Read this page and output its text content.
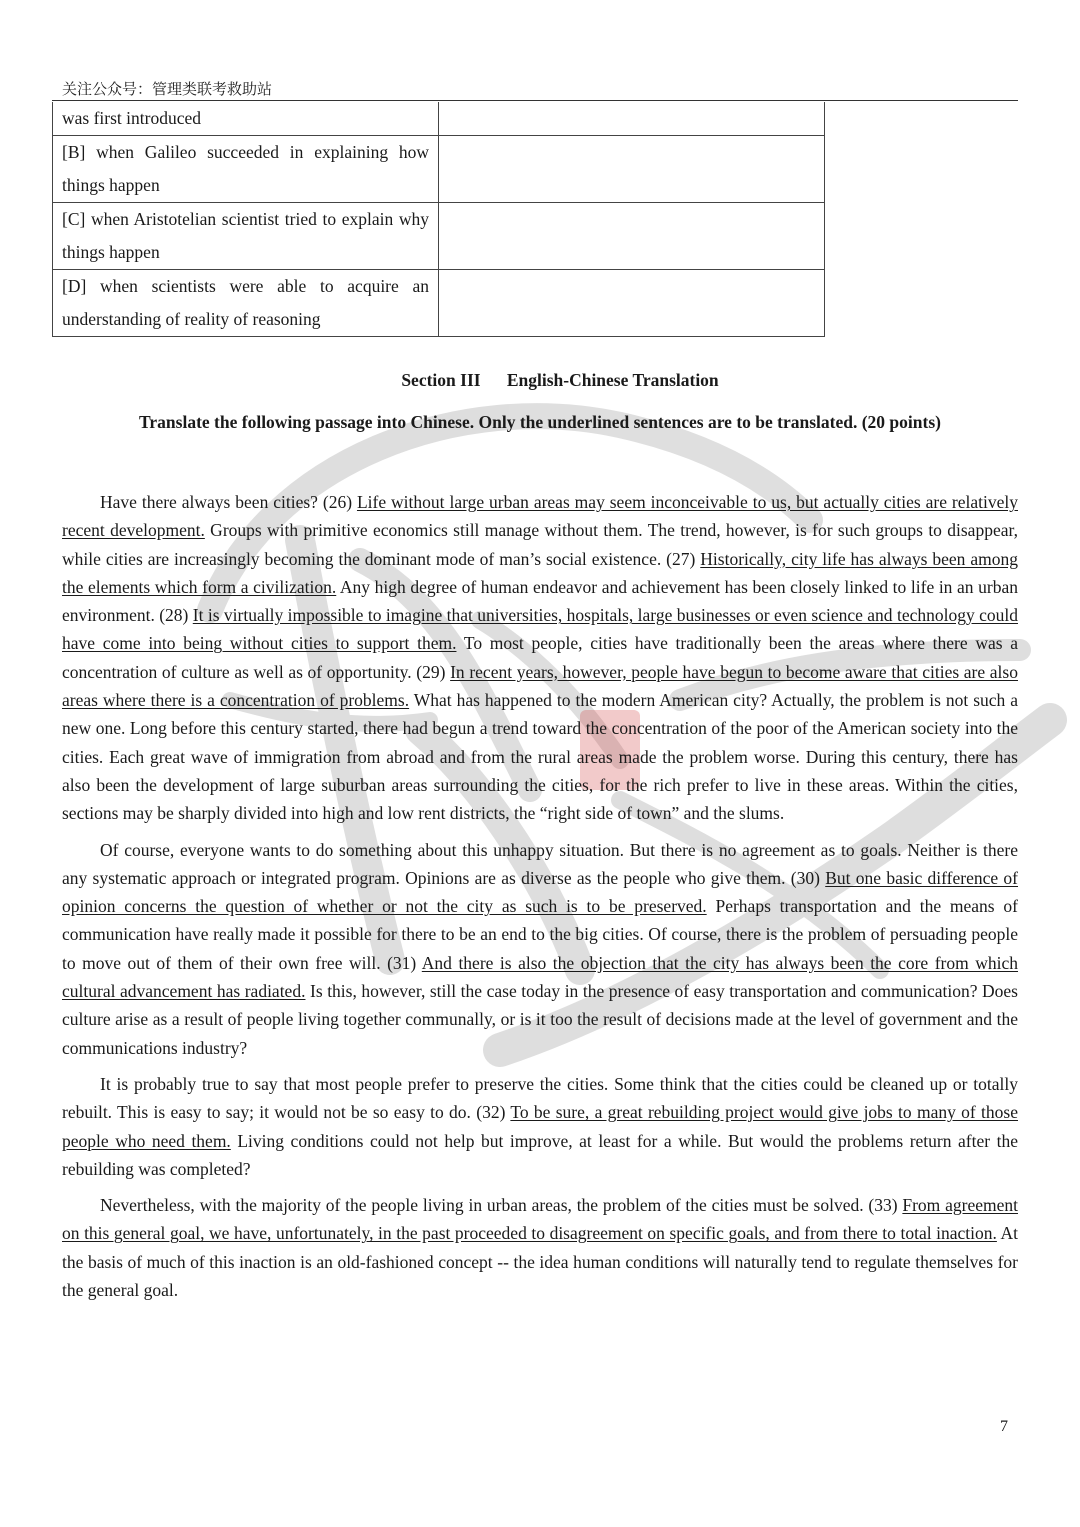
关注公众号：管理类联考救助站
was first introduced	
[B] when Galileo succeeded in explaining how things happen	
[C] when Aristotelian scientist tried to explain why things happen	
[D] when scientists were able to acquire an understanding of reality of reasoning	
Section III      English-Chinese Translation
Translate the following passage into Chinese. Only the underlined sentences are to be translated. (20 points)

Have there always been cities? (26) Life without large urban areas may seem inconceivable to us, but actually cities are relatively recent development. Groups with primitive economics still manage without them. The trend, however, is for such groups to disappear, while cities are increasingly becoming the dominant mode of man’s social existence. (27) Historically, city life has always been among the elements which form a civilization. Any high degree of human endeavor and achievement has been closely linked to life in an urban environment. (28) It is virtually impossible to imagine that universities, hospitals, large businesses or even science and technology could have come into being without cities to support them. To most people, cities have traditionally been the areas where there was a concentration of culture as well as of opportunity. (29) In recent years, however, people have begun to become aware that cities are also areas where there is a concentration of problems. What has happened to the modern American city? Actually, the problem is not such a new one. Long before this century started, there had begun a trend toward the concentration of the poor of the American society into the cities. Each great wave of immigration from abroad and from the rural areas made the problem worse. During this century, there has also been the development of large suburban areas surrounding the cities, for the rich prefer to live in these areas. Within the cities, sections may be sharply divided into high and low rent districts, the “right side of town” and the slums.

Of course, everyone wants to do something about this unhappy situation. But there is no agreement as to goals. Neither is there any systematic approach or integrated program. Opinions are as diverse as the people who give them. (30) But one basic difference of opinion concerns the question of whether or not the city as such is to be preserved. Perhaps transportation and the means of communication have really made it possible for there to be an end to the big cities. Of course, there is the problem of persuading people to move out of them of their own free will. (31) And there is also the objection that the city has always been the core from which cultural advancement has radiated. Is this, however, still the case today in the presence of easy transportation and communication? Does culture arise as a result of people living together communally, or is it too the result of decisions made at the level of government and the communications industry?

It is probably true to say that most people prefer to preserve the cities. Some think that the cities could be cleaned up or totally rebuilt. This is easy to say; it would not be so easy to do. (32) To be sure, a great rebuilding project would give jobs to many of those people who need them. Living conditions could not help but improve, at least for a while. But would the problems return after the rebuilding was completed?

Nevertheless, with the majority of the people living in urban areas, the problem of the cities must be solved. (33) From agreement on this general goal, we have, unfortunately, in the past proceeded to disagreement on specific goals, and from there to total inaction. At the basis of much of this inaction is an old-fashioned concept -- the idea human conditions will naturally tend to regulate themselves for the general goal.

7
